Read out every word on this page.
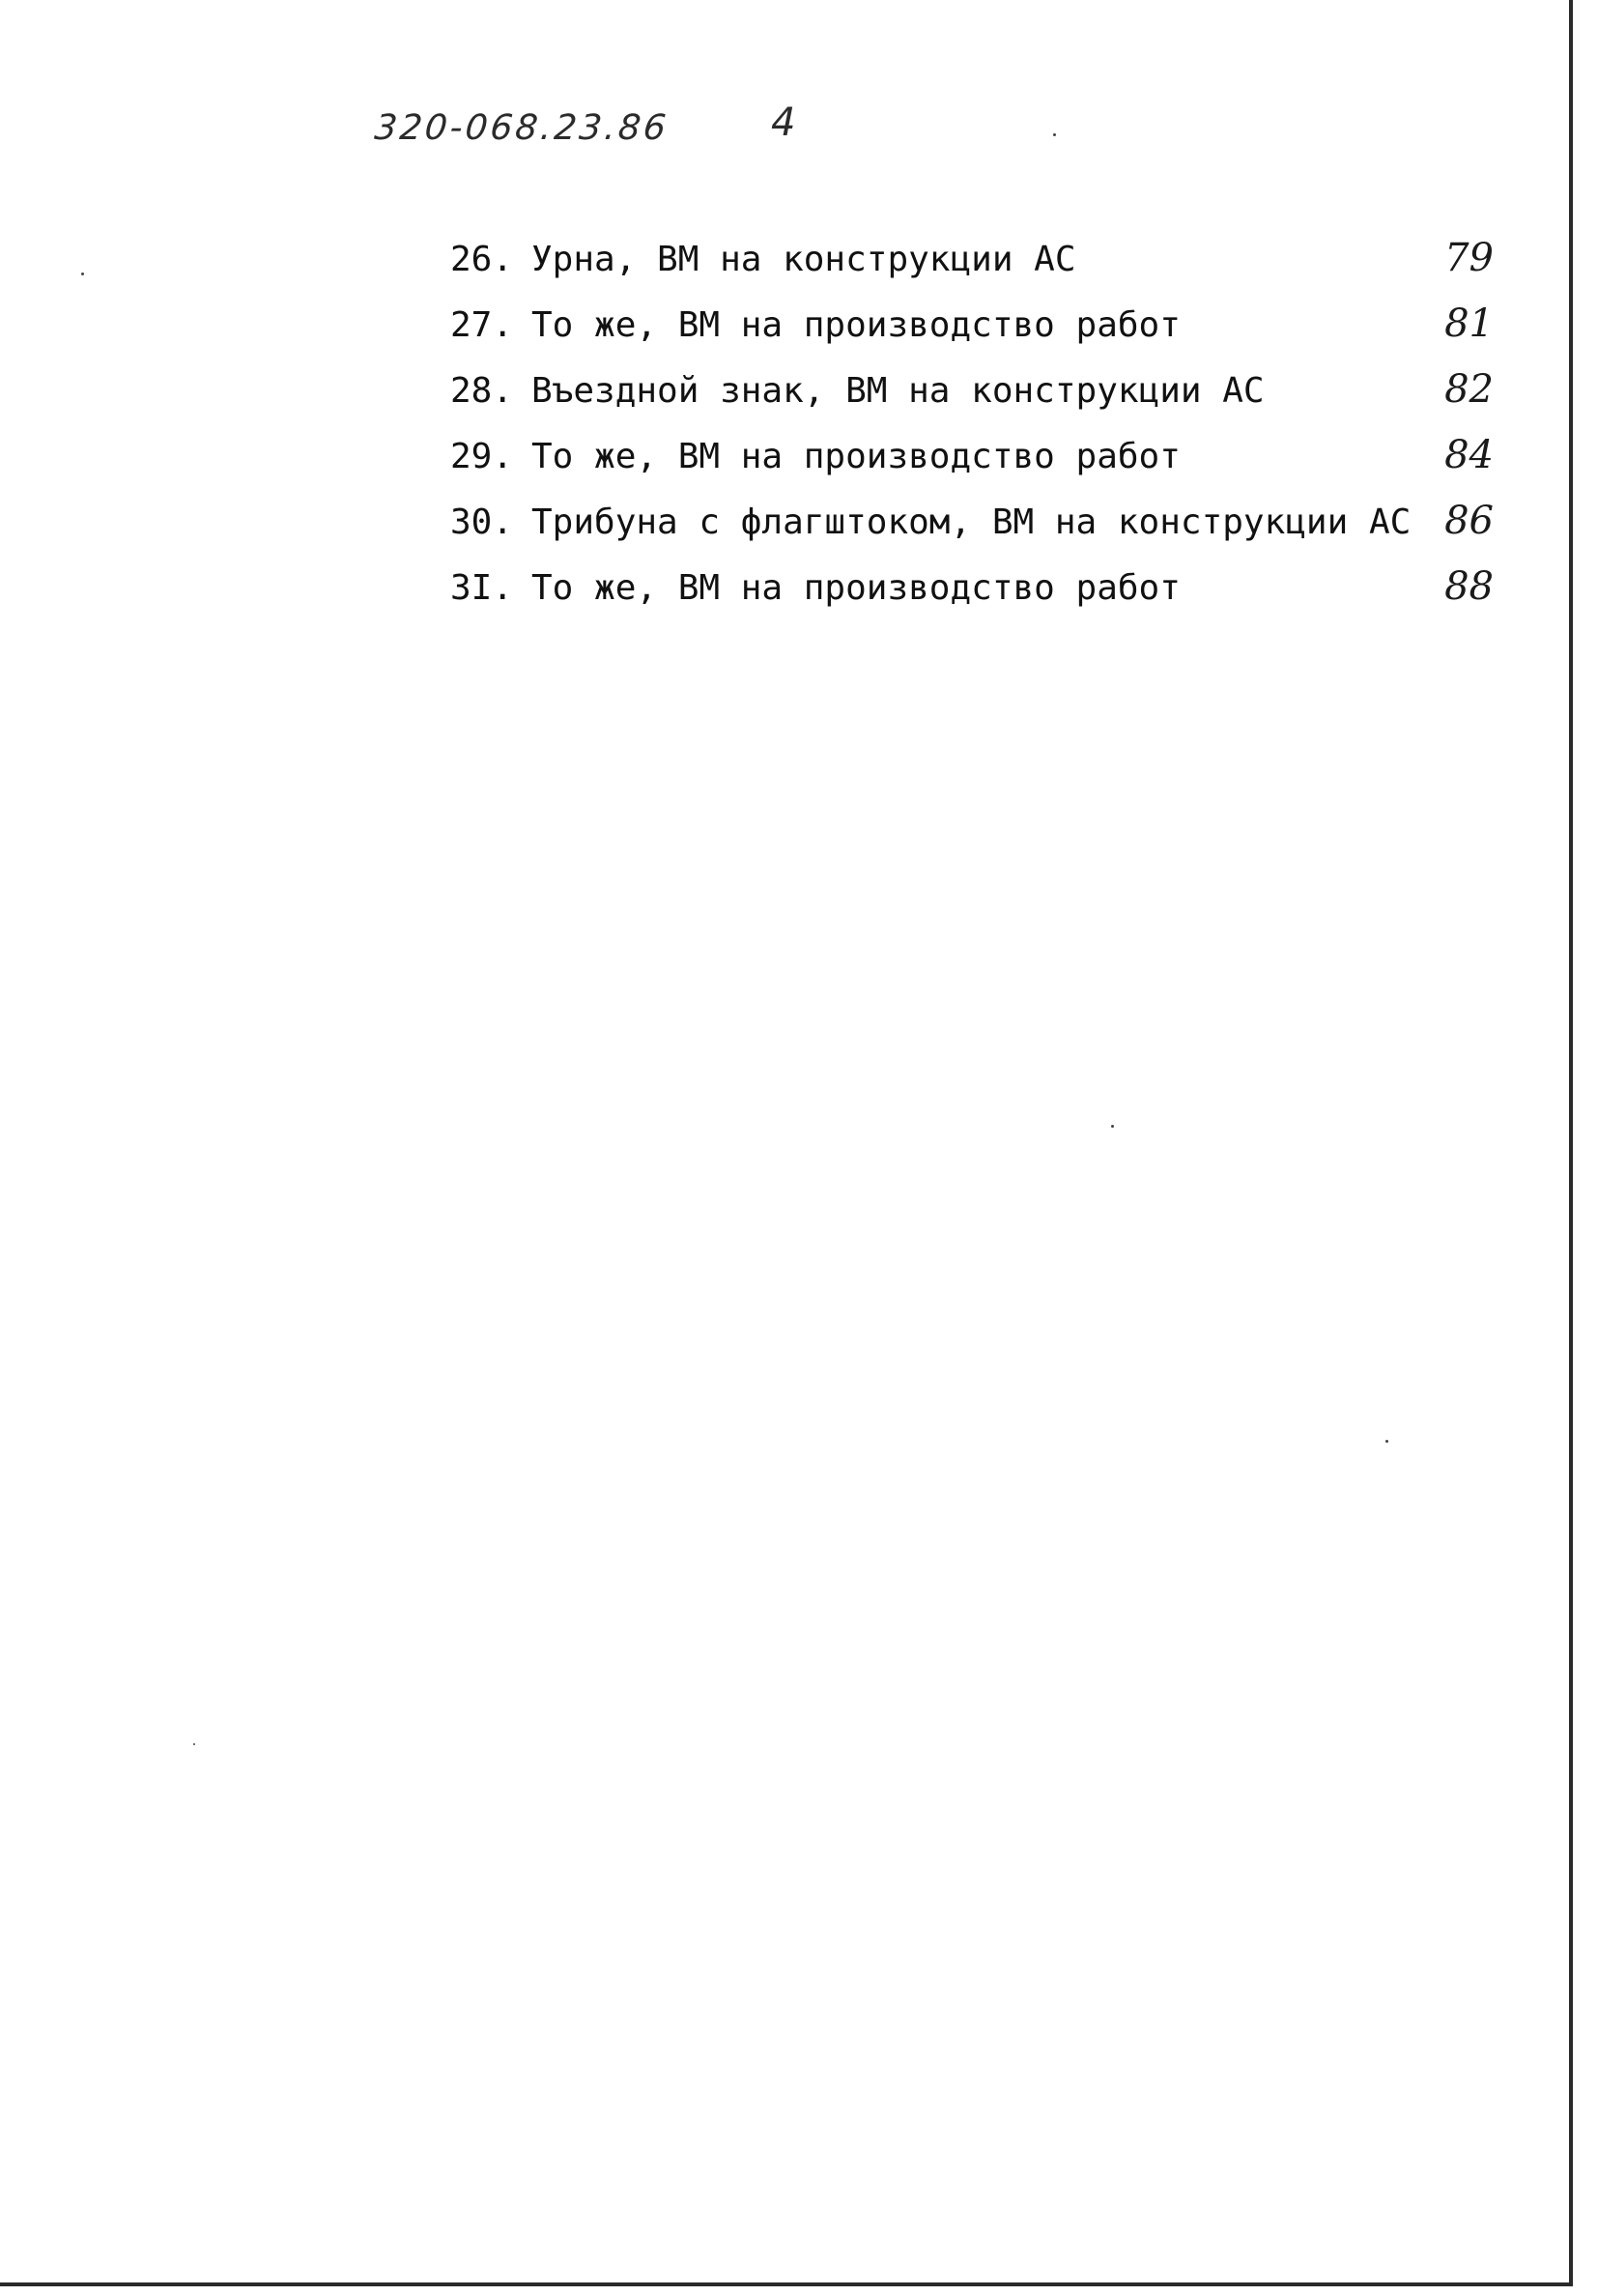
320-068.23.86	4
26. Урна, ВМ на конструкции АС	79
27. То же, ВМ на производство работ	81
28. Въездной знак, ВМ на конструкции АС	82
29. То же, ВМ на производство работ	84
30. Трибуна с флагштоком, ВМ на конструкции АС 86
3I. То же, ВМ на производство работ	88
